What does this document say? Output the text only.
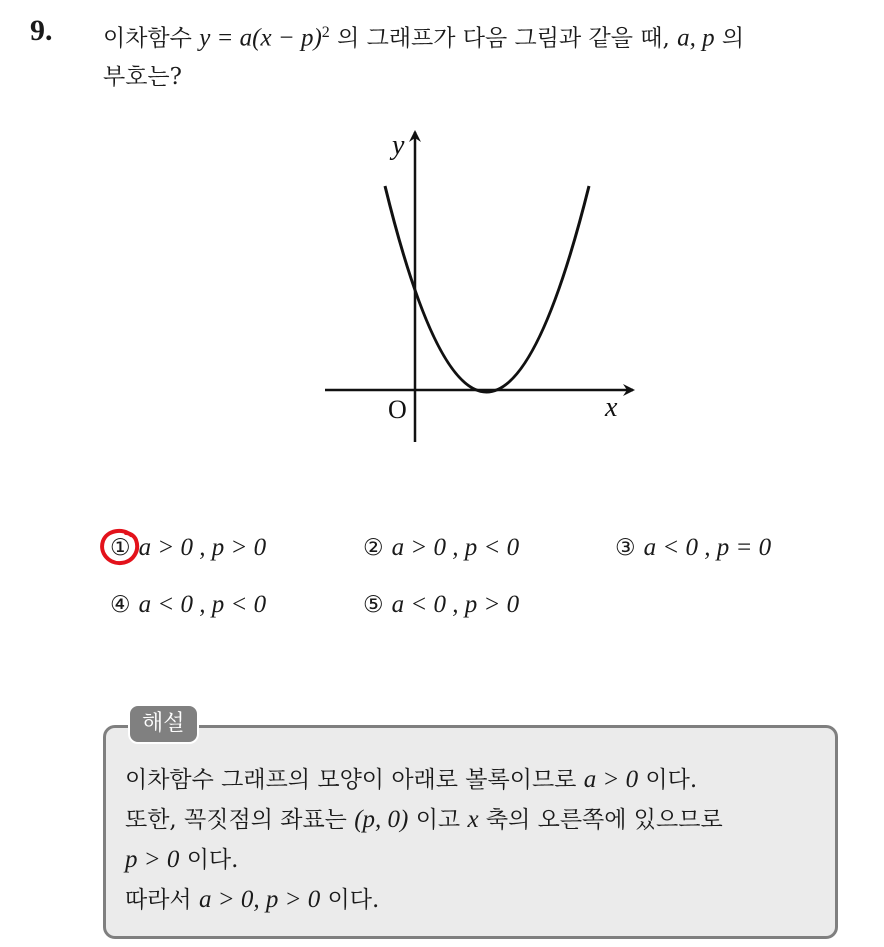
9. 이차함수 $y = a(x - p)^2$ 의 그래프가 다음 그림과 같을 때, a, p 의
부호는?
y
x
O
① a > 0 , p > 0	② a > 0 , p < 0	③ a < 0 , p = 0
④ a < 0 , p < 0	⑤ a < 0 , p > 0
해설
이차함수 그래프의 모양이 아래로 볼록이므로 a > 0 이다.
또한, 꼭짓점의 좌표는 (p, 0) 이고 x 축의 오른쪽에 있으므로
p > 0 이다.
따라서 a > 0, p > 0 이다.
